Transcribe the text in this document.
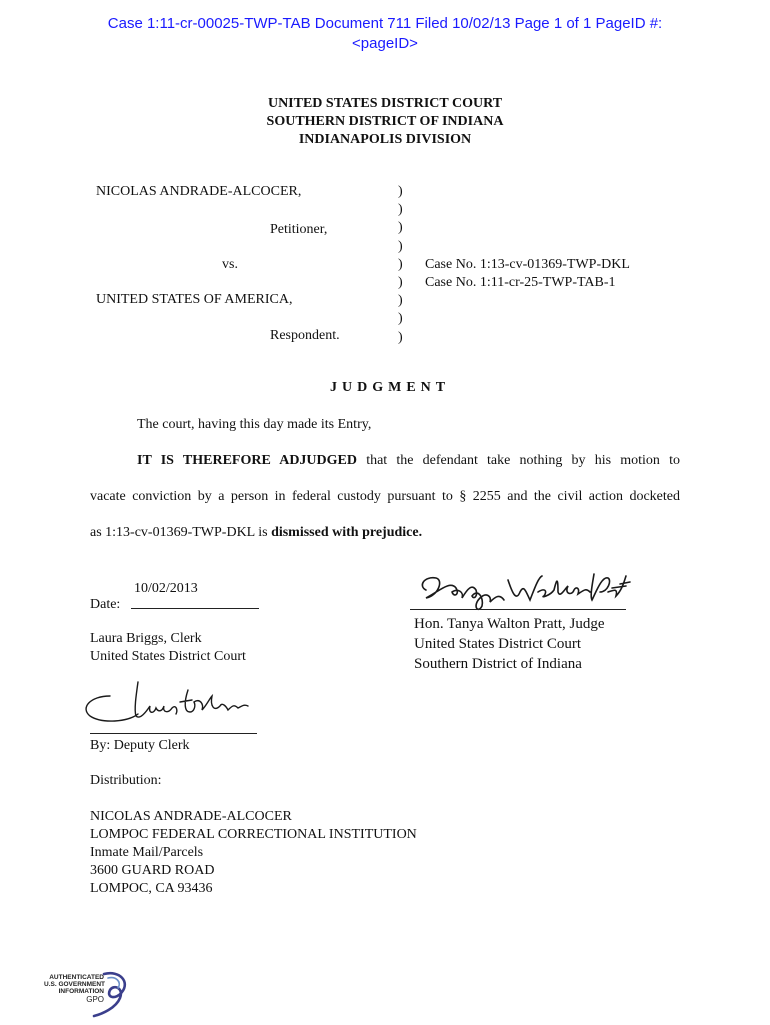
Case 1:11-cr-00025-TWP-TAB Document 711 Filed 10/02/13 Page 1 of 1 PageID #:
<pageID>
UNITED STATES DISTRICT COURT
SOUTHERN DISTRICT OF INDIANA
INDIANAPOLIS DIVISION
NICOLAS ANDRADE-ALCOCER,
Petitioner,
vs.
UNITED STATES OF AMERICA,
Respondent.
)
)
)
)
)
)
)
)
)
Case No. 1:13-cv-01369-TWP-DKL
Case No. 1:11-cr-25-TWP-TAB-1
JUDGMENT
The court, having this day made its Entry,
IT IS THEREFORE ADJUDGED that the defendant take nothing by his motion to
vacate conviction by a person in federal custody pursuant to § 2255 and the civil action docketed
as 1:13-cv-01369-TWP-DKL is dismissed with prejudice.
10/02/2013
Date:
Hon. Tanya Walton Pratt, Judge
United States District Court
Southern District of Indiana
Laura Briggs, Clerk
United States District Court
By: Deputy Clerk
Distribution:
NICOLAS ANDRADE-ALCOCER
LOMPOC FEDERAL CORRECTIONAL INSTITUTION
Inmate Mail/Parcels
3600 GUARD ROAD
LOMPOC, CA 93436
AUTHENTICATED
U.S. GOVERNMENT
INFORMATION
GPO
